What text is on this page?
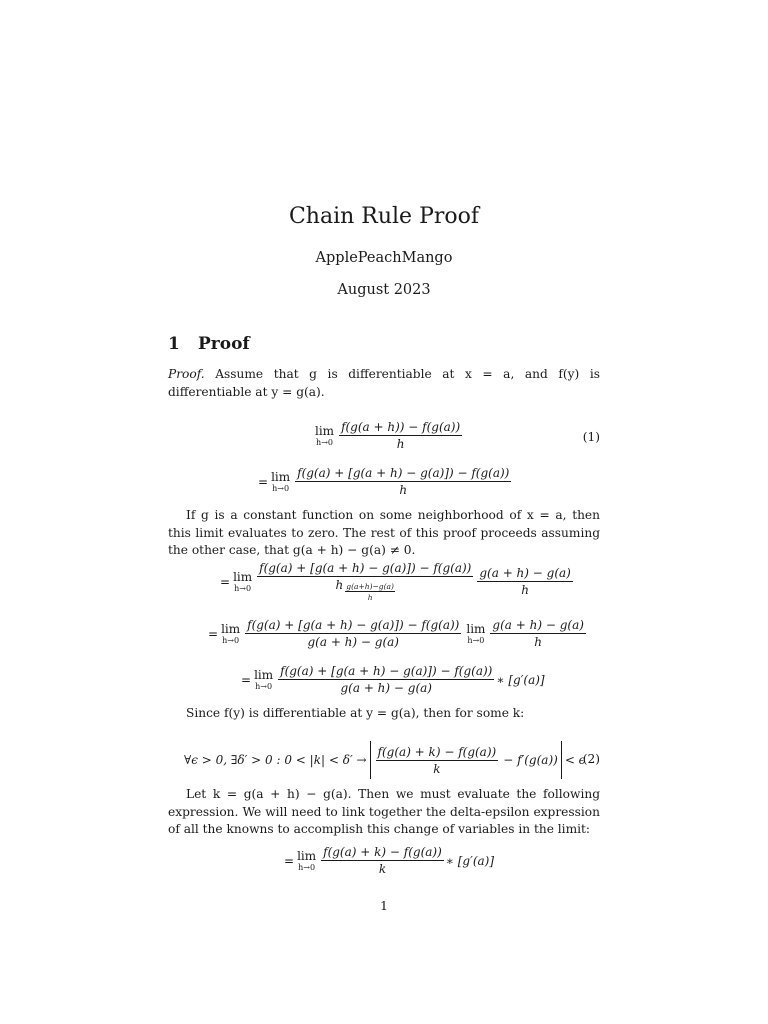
Chain Rule Proof
ApplePeachMango
August 2023
1 Proof
Proof. Assume that g is differentiable at x = a, and f(y) is differentiable at y = g(a).
lim
$h\to 0 \frac{f(g(a + h)) - f(g(a))}{h}$	(1)
= lim
$h\to 0 \frac{f(g(a) + [g(a + h) - g(a)]) - f(g(a))}{h}$
If g is a constant function on some neighborhood of x = a, then this limit evaluates to zero. The rest of this proof proceeds assuming the other case, that g(a + h) − g(a) ≠ 0.
= lim
$h\to 0 \frac{f(g(a) + [g(a + h) - g(a)]) - f(g(a))}{h \frac{g(a+h)-g(a)}{h}} \frac{g(a + h) - g(a)}{h}$
= lim
$h\to 0 \frac{f(g(a) + [g(a + h) - g(a)]) - f(g(a))}{g(a + h) - g(a)}$ lim
$h\to 0 \frac{g(a + h) - g(a)}{h}$
= lim
$h\to 0 \frac{f(g(a) + [g(a + h) - g(a)]) - f(g(a))}{g(a + h) - g(a)}$ ∗ [g′(a)]
Since f(y) is differentiable at y = g(a), then for some k:
∀ϵ > 0, ∃δ′ > 0 : $0 < |k| < \delta' \to \frac{f(g(a) + k) - f(g(a))}{k} - f'(g(a)) < \epsilon$
(2)
Let k = g(a + h) − g(a). Then we must evaluate the following expression. We will need to link together the delta-epsilon expression of all the knowns to accomplish this change of variables in the limit:
= lim
$h\to 0 \frac{f(g(a) + k) - f(g(a))}{k}$ ∗ [g′(a)]
1
